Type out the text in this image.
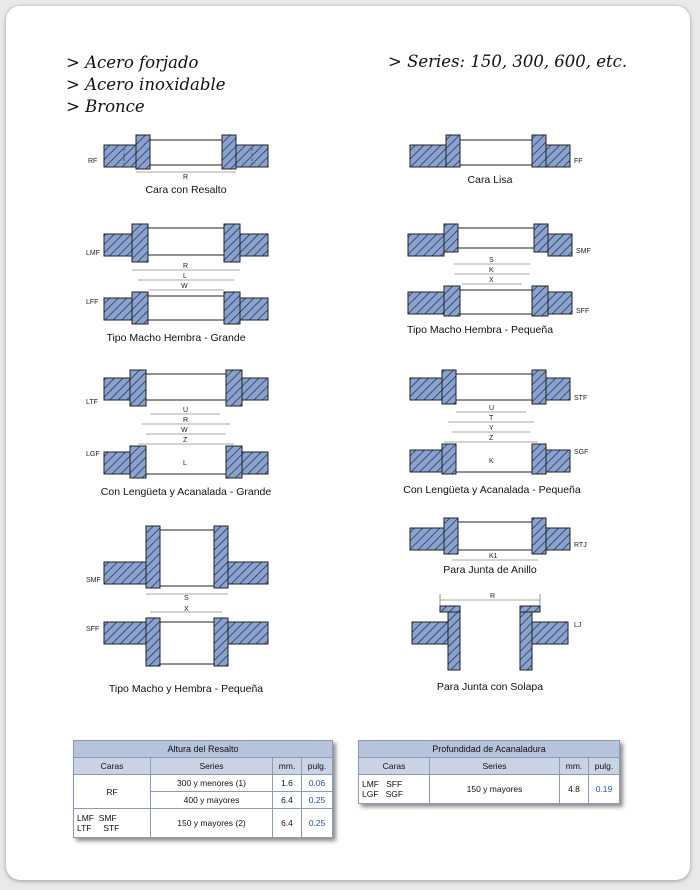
> Acero forjado
> Acero inoxidable
> Bronce
> Series: 150, 300, 600, etc.
RF
R
Cara con Resalto
FF
Cara Lisa
LMF
R
L
W
LFF
Tipo Macho Hembra - Grande
SMF
S
K
X
SFF
Tipo Macho Hembra - Pequeña
LTF
U
R
W
Z
LGF
L
Con Lengüeta y Acanalada - Grande
STF
U
T
Y
Z
SGF
K
Con Lengüeta y Acanalada - Pequeña
RTJ
K1
Para Junta de Anillo
SMF
S
X
SFF
Tipo Macho y Hembra - Pequeña
R
LJ
Para Junta con Solapa
Altura del Resalto			
Caras	Series	mm.	pulg.
RF	300 y menores (1)	1.6	0.06
	400 y mayores	6.4	0.25
LMF  SMF
LTF     STF	150 y mayores (2)	6.4	0.25
Profundidad de Acanaladura			
Caras	Series	mm.	pulg.
LMF   SFF
LGF   SGF	150 y mayores	4.8	0.19
